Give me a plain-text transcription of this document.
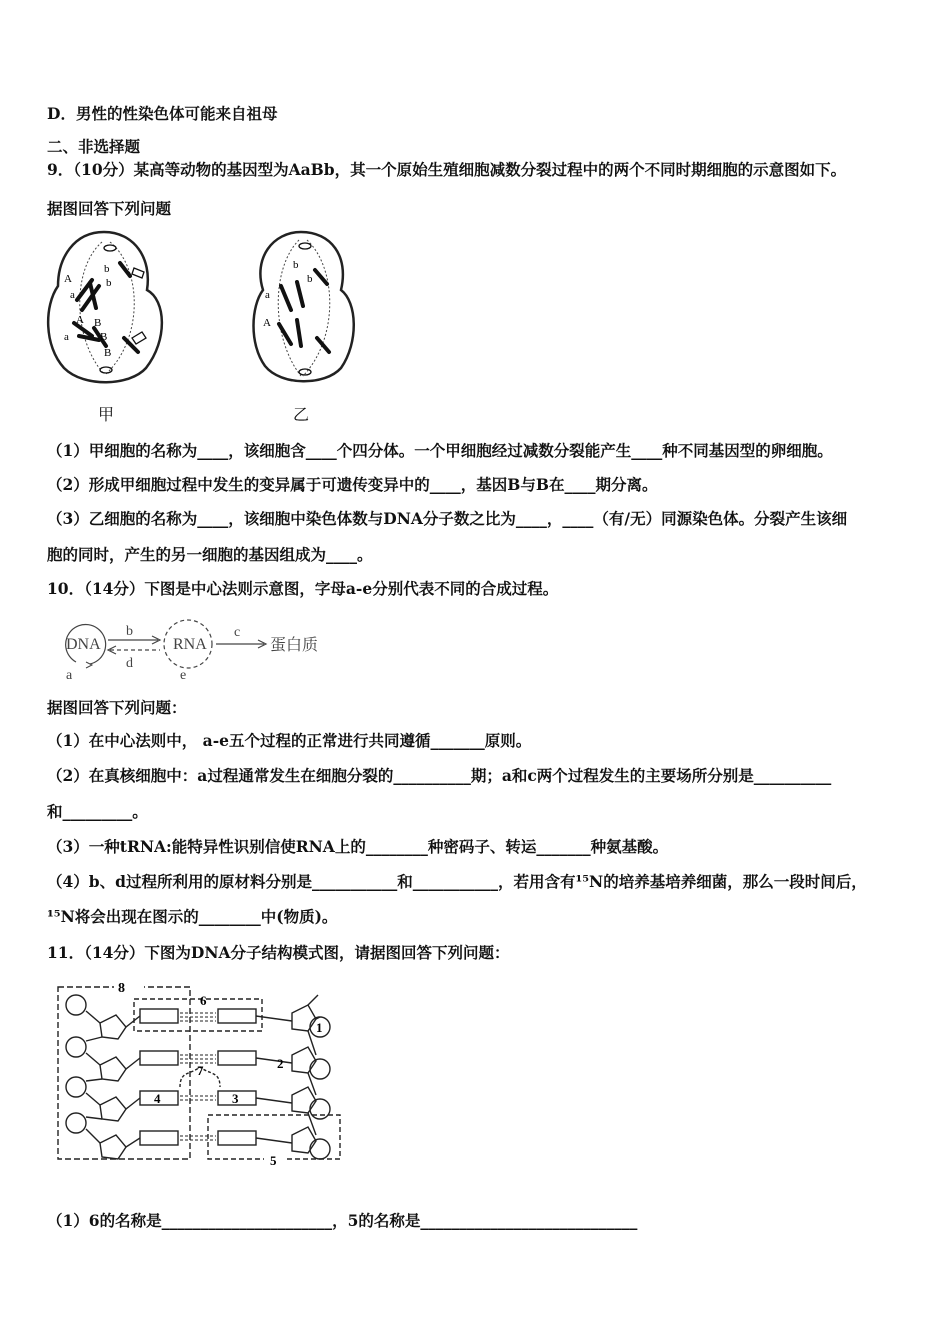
D．男性的性染色体可能来自祖母
二、非选择题
9．（10分）某高等动物的基因型为AaBb，其一个原始生殖细胞减数分裂过程中的两个不同时期细胞的示意图如下。
据图回答下列问题
A
a
A B
a	B
b
b
B
甲
b
b
a
A
乙
（1）甲细胞的名称为____，该细胞含____个四分体。一个甲细胞经过减数分裂能产生____种不同基因型的卵细胞。
（2）形成甲细胞过程中发生的变异属于可遗传变异中的____，基因B与B在____期分离。
（3）乙细胞的名称为____，该细胞中染色体数与DNA分子数之比为____，____（有/无）同源染色体。分裂产生该细
胞的同时，产生的另一细胞的基因组成为____。
10．（14分）下图是中心法则示意图，字母a-e分别代表不同的合成过程。
DNA	RNA
b
d
c
蛋白质
a	e
据图回答下列问题：
（1）在中心法则中， a-e五个过程的正常进行共同遵循_______原则。
（2）在真核细胞中：a过程通常发生在细胞分裂的__________期；a和c两个过程发生的主要场所分别是__________
和_________。
（3）一种tRNA:能特异性识别信使RNA上的________种密码子、转运_______种氨基酸。
（4）b、d过程所利用的原材料分别是___________和___________，若用含有¹⁵N的培养基培养细菌，那么一段时间后，
¹⁵N将会出现在图示的________中(物质)。
11．（14分）下图为DNA分子结构模式图，请据图回答下列问题：
8
6
1
2
7
4	3
5
（1）6的名称是______________________，5的名称是____________________________
